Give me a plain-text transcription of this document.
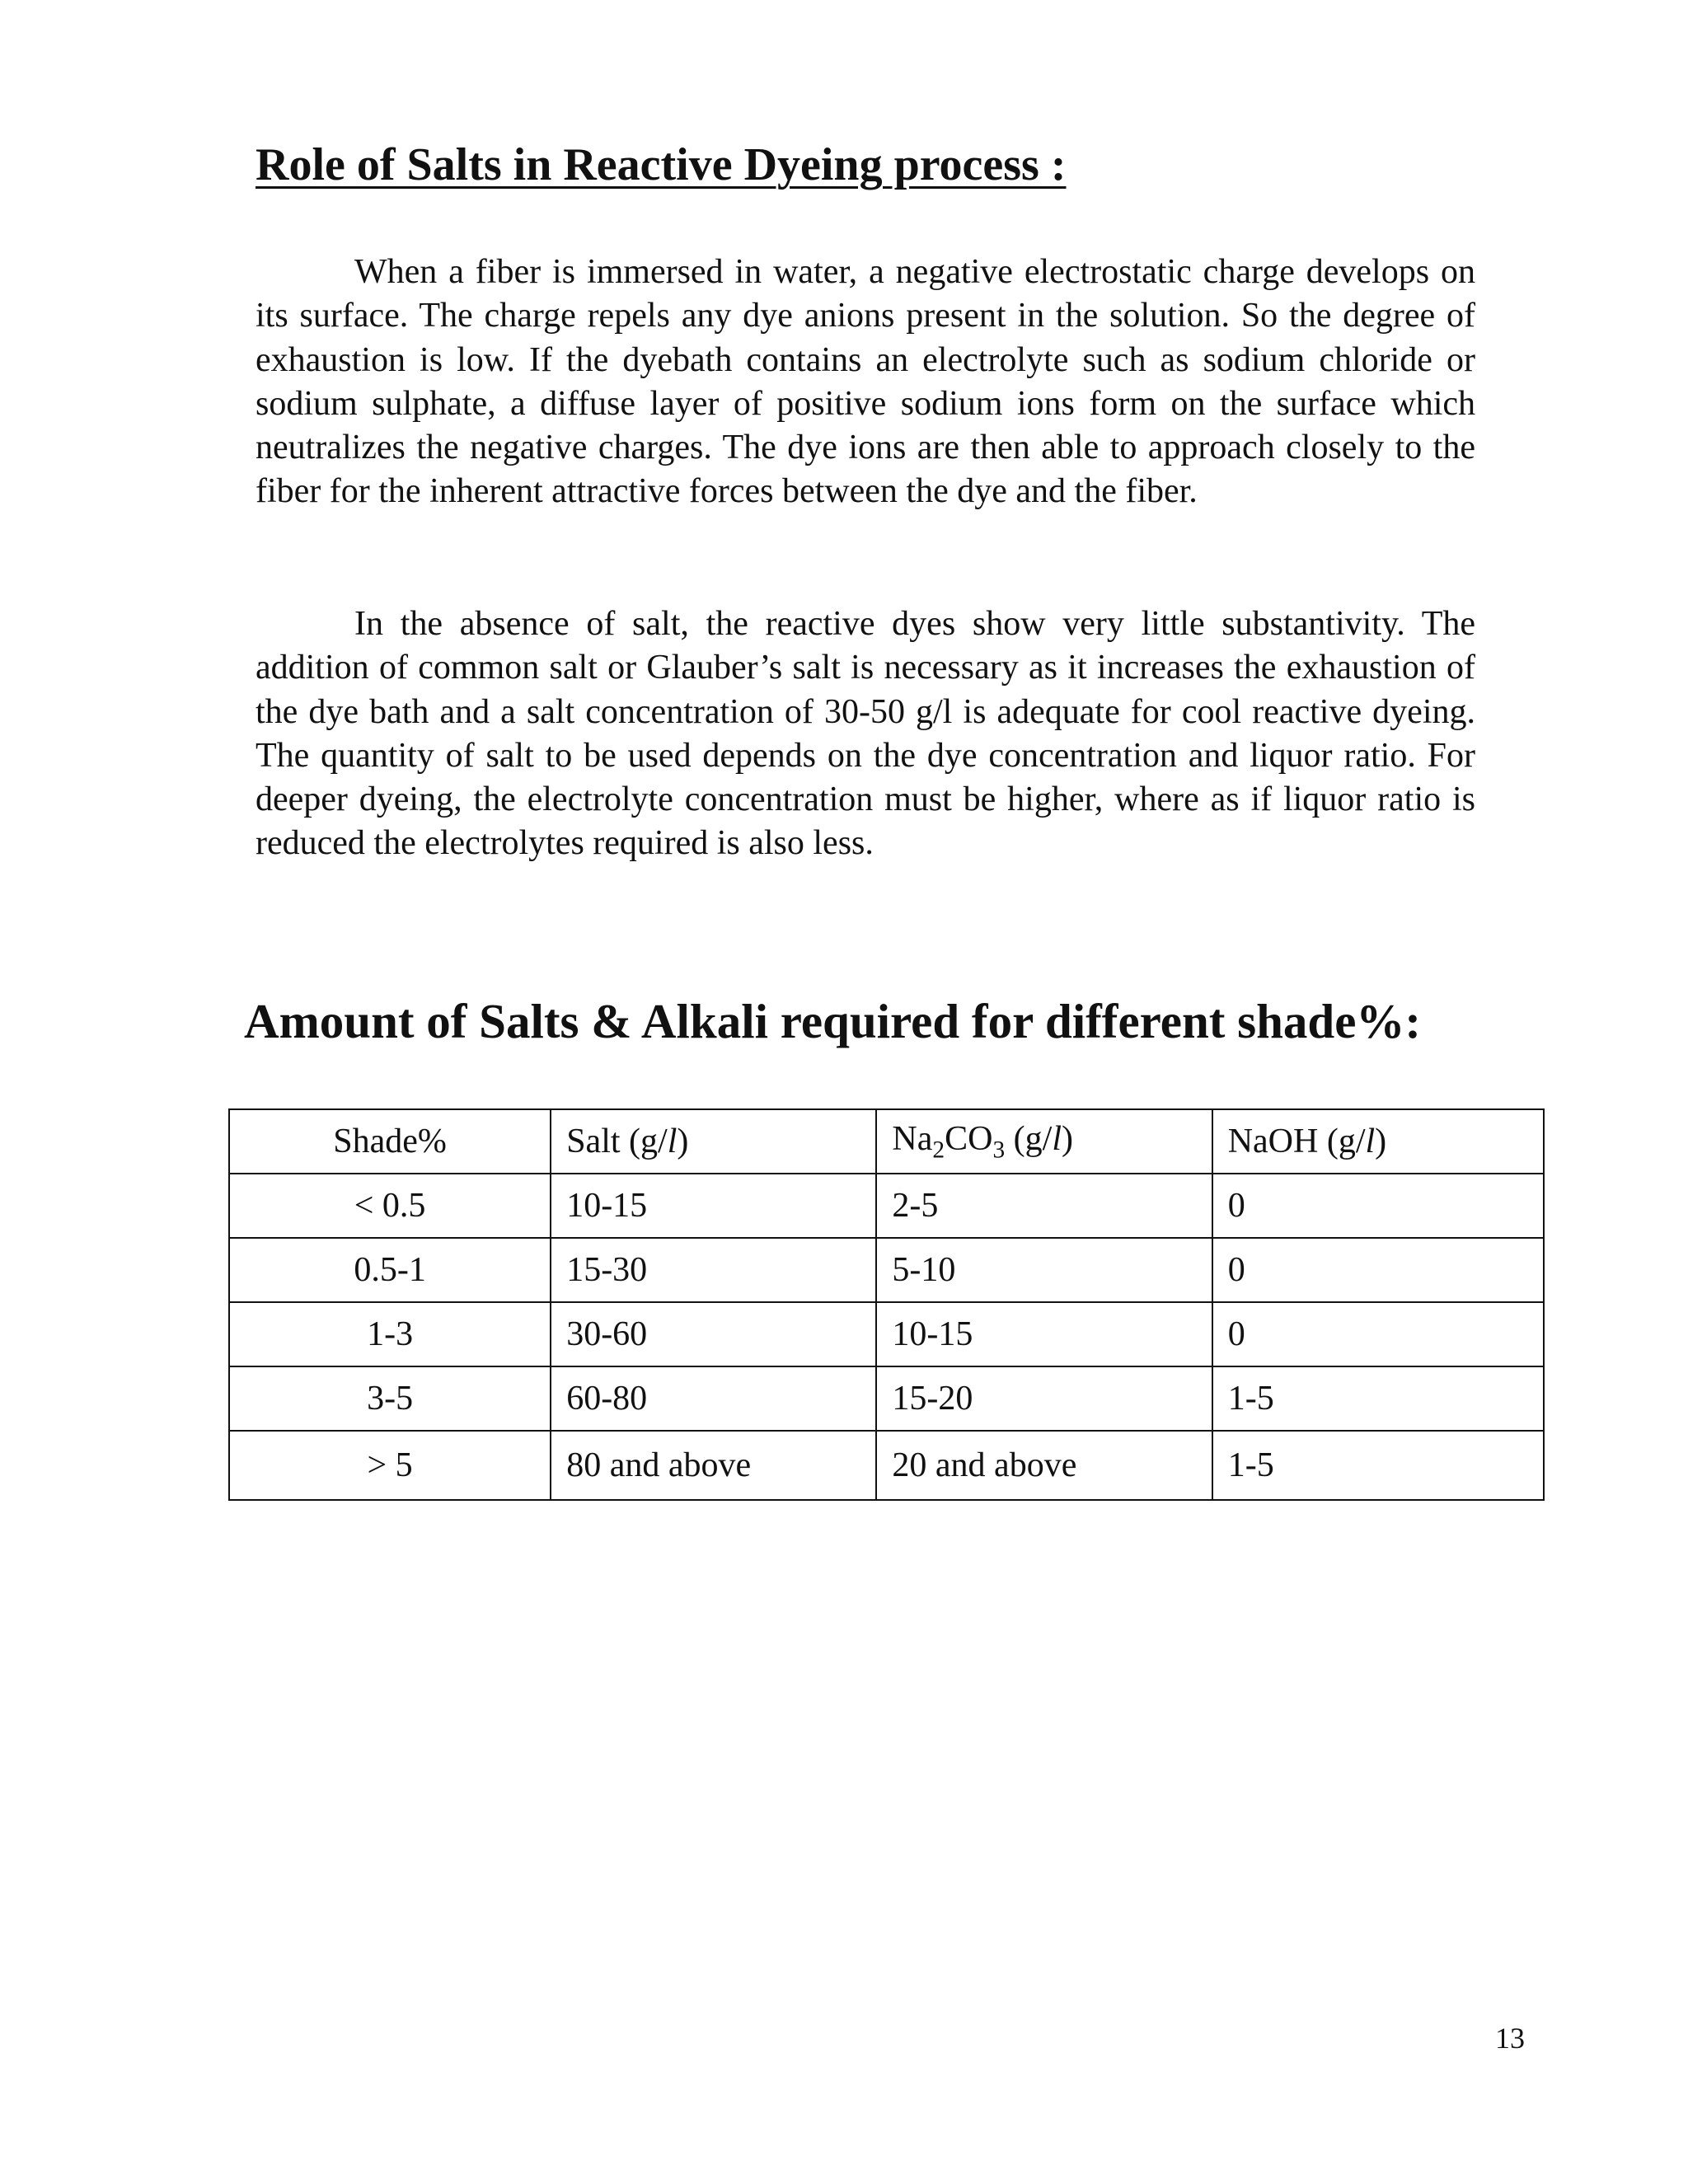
Role of Salts in Reactive Dyeing process :

When a fiber is immersed in water, a negative electrostatic charge develops on its surface. The charge repels any dye anions present in the solution. So the degree of exhaustion is low. If the dyebath contains an electrolyte such as sodium chloride or sodium sulphate, a diffuse layer of positive sodium ions form on the surface which neutralizes the negative charges. The dye ions are then able to approach closely to the fiber for the inherent attractive forces between the dye and the fiber.

In the absence of salt, the reactive dyes show very little substantivity. The addition of common salt or Glauber’s salt is necessary as it increases the exhaustion of the dye bath and a salt concentration of 30-50 g/l is adequate for cool reactive dyeing. The quantity of salt to be used depends on the dye concentration and liquor ratio. For deeper dyeing, the electrolyte concentration must be higher, where as if liquor ratio is reduced the electrolytes required is also less.

Amount of Salts & Alkali required for different shade%:
Shade%	Salt (g/l)	$Na_2CO_3$ (g/l)	NaOH (g/l)
< 0.5	10-15	2-5	0
0.5-1	15-30	5-10	0
1-3	30-60	10-15	0
3-5	60-80	15-20	1-5
> 5	80 and above	20 and above	1-5
13
